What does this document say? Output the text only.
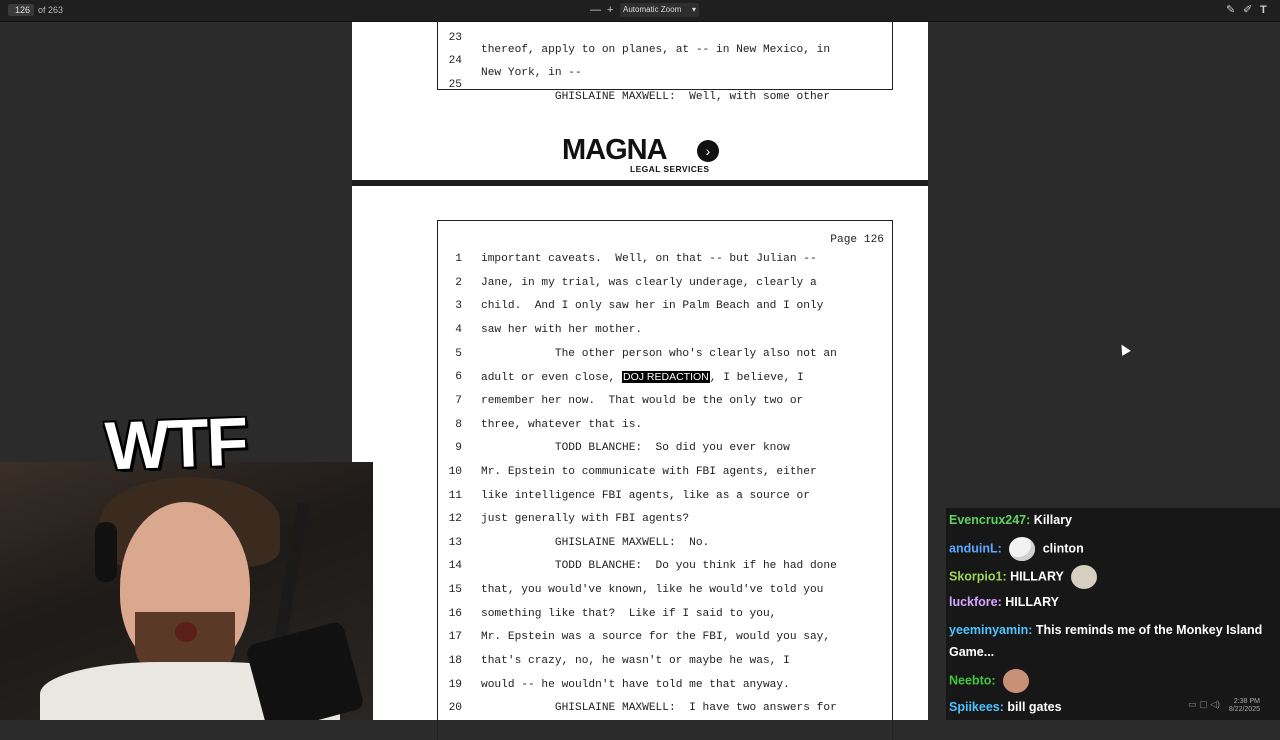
126 of 263	— +	Automatic Zoom ▾	✎ ✐ T

23

thereof, apply to on planes, at -- in New Mexico, in

24

New York, in --

25

GHISLAINE MAXWELL:  Well, with some other

MAGNA	›
LEGAL SERVICES
Page 126
1 important caveats.  Well, on that -- but Julian --
2 Jane, in my trial, was clearly underage, clearly a
3 child.  And I only saw her in Palm Beach and I only
4 saw her with her mother.
5 The other person who's clearly also not an
6 adult or even close, DOJ REDACTION, I believe, I
7 remember her now.  That would be the only two or
8 three, whatever that is.
9 TODD BLANCHE:  So did you ever know
10 Mr. Epstein to communicate with FBI agents, either
11 like intelligence FBI agents, like as a source or
12 just generally with FBI agents?
13 GHISLAINE MAXWELL:  No.
14 TODD BLANCHE:  Do you think if he had done
15 that, you would've known, like he would've told you
16 something like that?  Like if I said to you,
17 Mr. Epstein was a source for the FBI, would you say,
18 that's crazy, no, he wasn't or maybe he was, I
19 would -- he wouldn't have told me that anyway.
20 GHISLAINE MAXWELL:  I have two answers for
WTF
Evencrux247: Killary
anduinL:	clinton
Skorpio1: HILLARY
luckfore: HILLARY
yeeminyamin: This reminds me of the Monkey Island
Game...
Neebto:
Spiikees: bill gates	▭ ▢ ◁)	2:38 PM
8/22/2025
